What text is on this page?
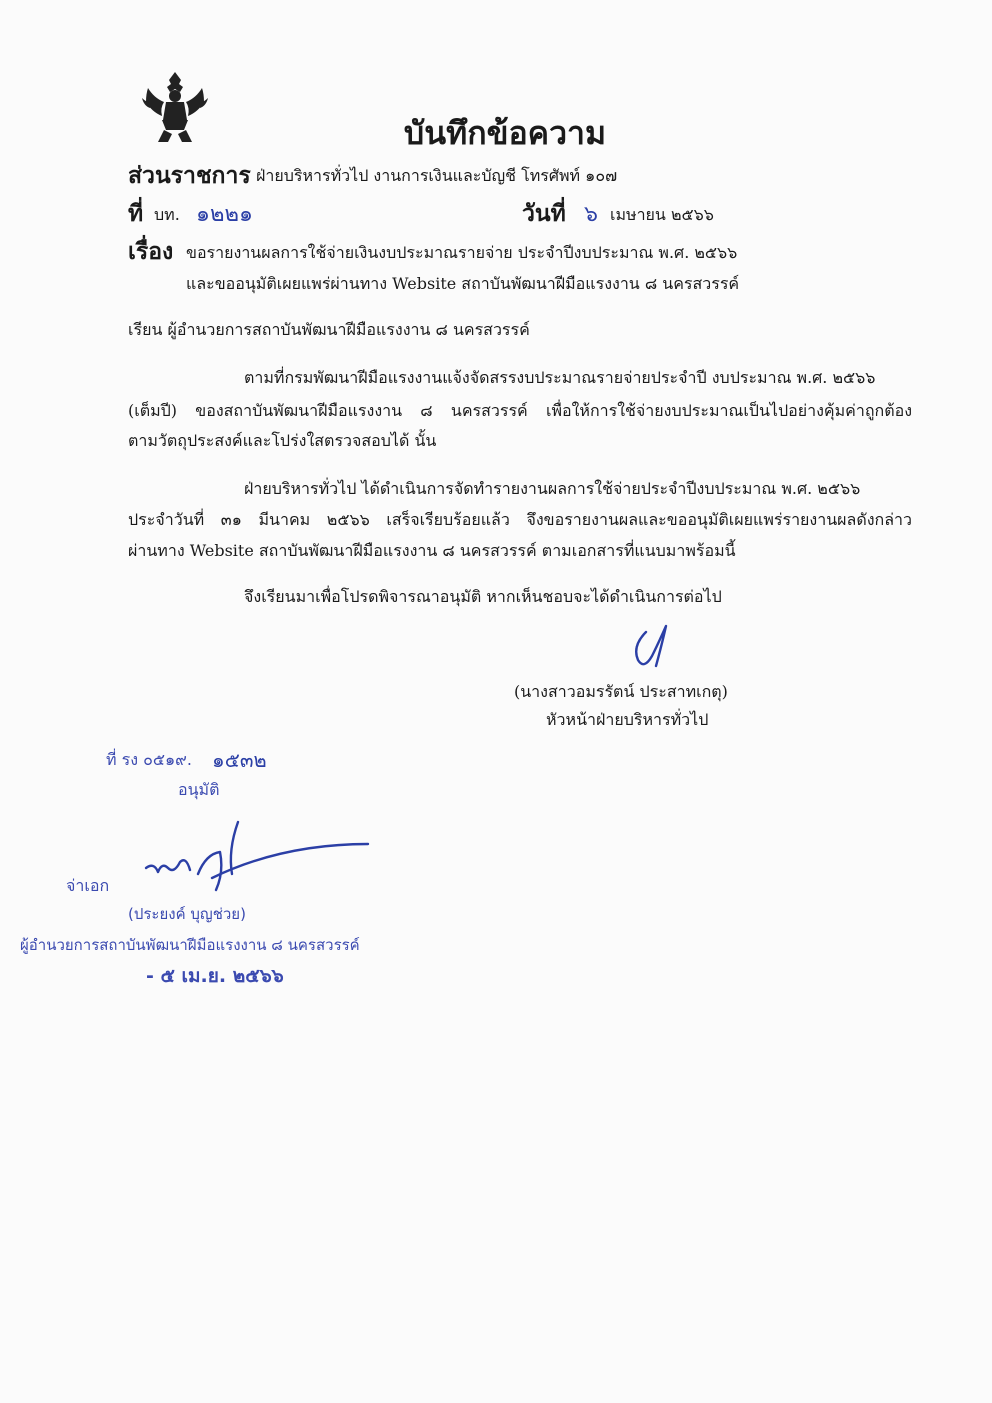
บันทึกข้อความ
ส่วนราชการ ฝ่ายบริหารทั่วไป งานการเงินและบัญชี โทรศัพท์ ๑๐๗
ที่ บท. ๑๒๒๑	วันที่ ๖ เมษายน ๒๕๖๖
เรื่อง ขอรายงานผลการใช้จ่ายเงินงบประมาณรายจ่าย ประจำปีงบประมาณ พ.ศ. ๒๕๖๖
และขออนุมัติเผยแพร่ผ่านทาง Website สถาบันพัฒนาฝีมือแรงงาน ๘ นครสวรรค์
เรียน ผู้อำนวยการสถาบันพัฒนาฝีมือแรงงาน ๘ นครสวรรค์
ตามที่กรมพัฒนาฝีมือแรงงานแจ้งจัดสรรงบประมาณรายจ่ายประจำปี งบประมาณ พ.ศ. ๒๕๖๖
(เต็มปี) ของสถาบันพัฒนาฝีมือแรงงาน ๘ นครสวรรค์ เพื่อให้การใช้จ่ายงบประมาณเป็นไปอย่างคุ้มค่าถูกต้อง
ตามวัตถุประสงค์และโปร่งใสตรวจสอบได้ นั้น
ฝ่ายบริหารทั่วไป ได้ดำเนินการจัดทำรายงานผลการใช้จ่ายประจำปีงบประมาณ พ.ศ. ๒๕๖๖
ประจำวันที่ ๓๑ มีนาคม ๒๕๖๖ เสร็จเรียบร้อยแล้ว จึงขอรายงานผลและขออนุมัติเผยแพร่รายงานผลดังกล่าว
ผ่านทาง Website สถาบันพัฒนาฝีมือแรงงาน ๘ นครสวรรค์ ตามเอกสารที่แนบมาพร้อมนี้
จึงเรียนมาเพื่อโปรดพิจารณาอนุมัติ หากเห็นชอบจะได้ดำเนินการต่อไป
(นางสาวอมรรัตน์ ประสาทเกตุ)
หัวหน้าฝ่ายบริหารทั่วไป
ที่ รง ๐๕๑๙. ๑๕๓๒
อนุมัติ
จ่าเอก
(ประยงค์ บุญช่วย)
ผู้อำนวยการสถาบันพัฒนาฝีมือแรงงาน ๘ นครสวรรค์
- ๕ เม.ย. ๒๕๖๖
